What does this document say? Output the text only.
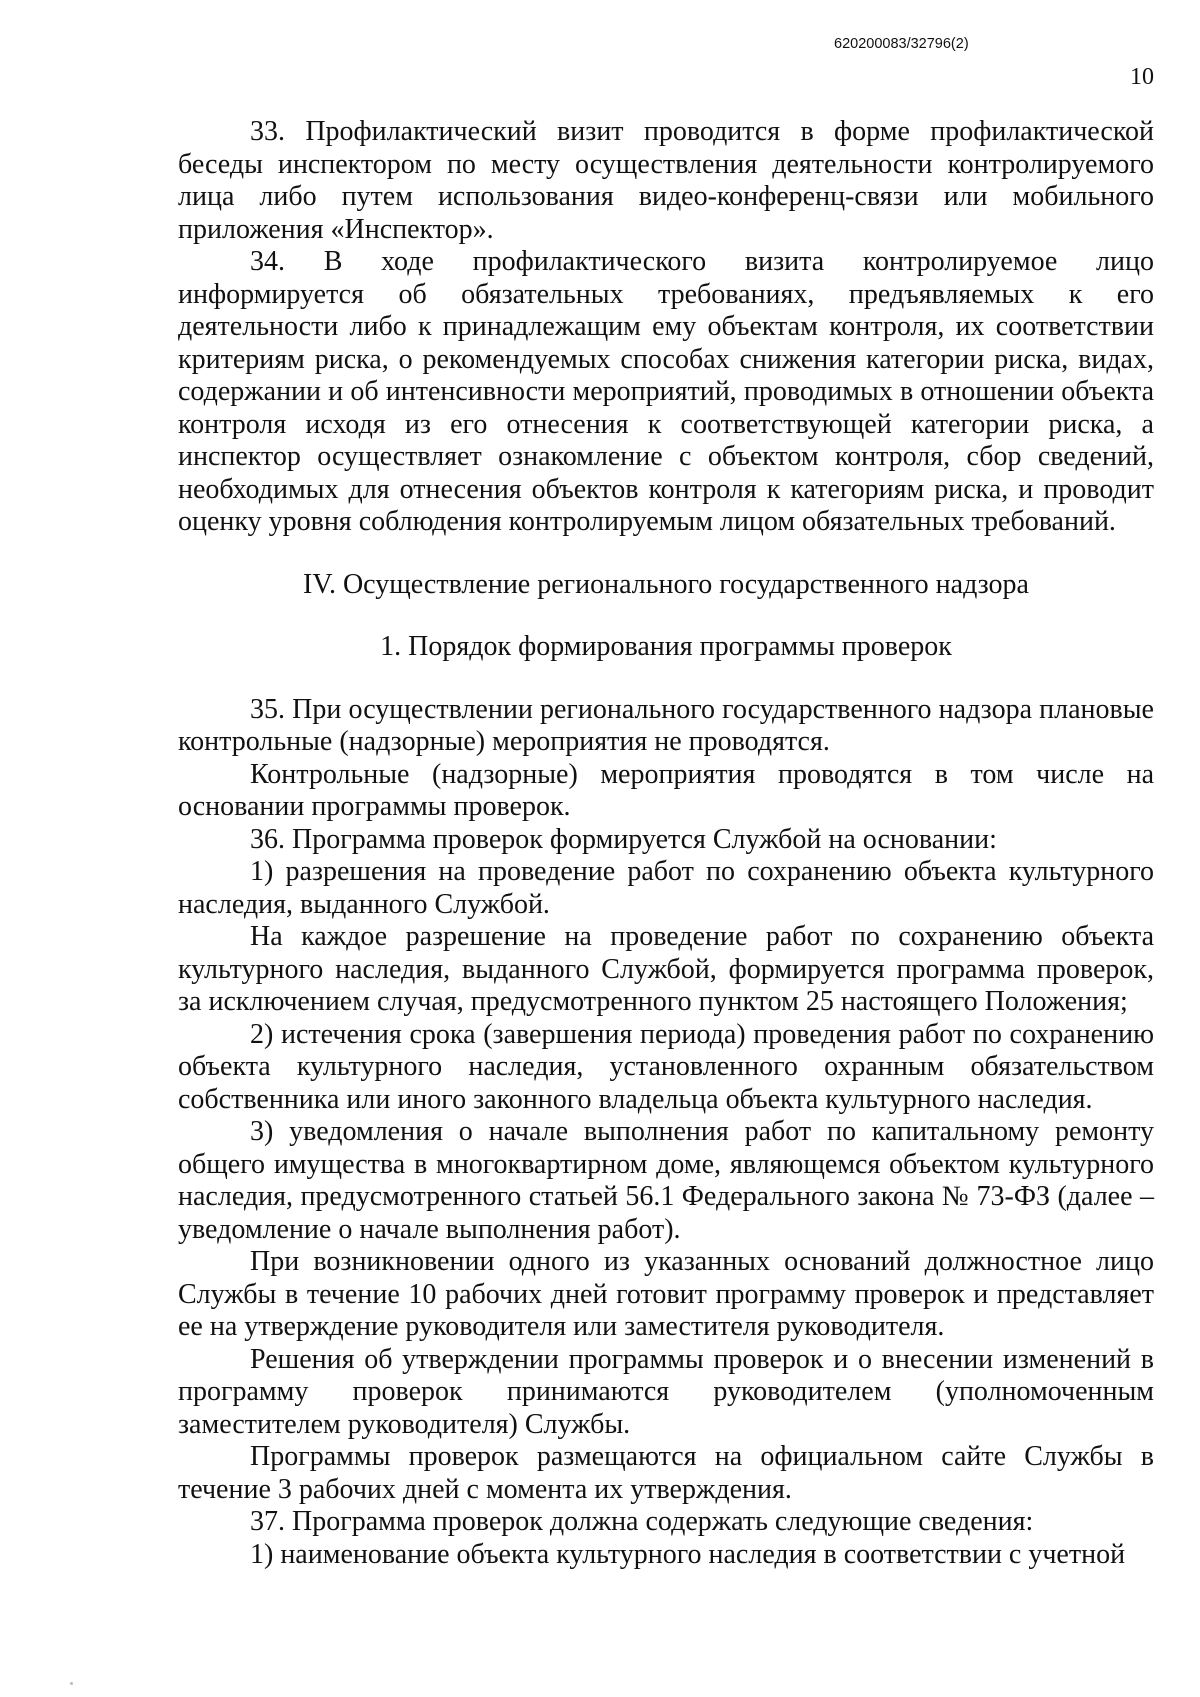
620200083/32796(2)
10

33. Профилактический визит проводится в форме профилактической беседы инспектором по месту осуществления деятельности контролируемого лица либо путем использования видео-конференц-связи или мобильного приложения «Инспектор».

34. В ходе профилактического визита контролируемое лицо информируется об обязательных требованиях, предъявляемых к его деятельности либо к принадлежащим ему объектам контроля, их соответствии критериям риска, о рекомендуемых способах снижения категории риска, видах, содержании и об интенсивности мероприятий, проводимых в отношении объекта контроля исходя из его отнесения к соответствующей категории риска, а инспектор осуществляет ознакомление с объектом контроля, сбор сведений, необходимых для отнесения объектов контроля к категориям риска, и проводит оценку уровня соблюдения контролируемым лицом обязательных требований.

IV. Осуществление регионального государственного надзора
1. Порядок формирования программы проверок

35. При осуществлении регионального государственного надзора плановые контрольные (надзорные) мероприятия не проводятся.

Контрольные (надзорные) мероприятия проводятся в том числе на основании программы проверок.

36. Программа проверок формируется Службой на основании:

1) разрешения на проведение работ по сохранению объекта культурного наследия, выданного Службой.

На каждое разрешение на проведение работ по сохранению объекта культурного наследия, выданного Службой, формируется программа проверок, за исключением случая, предусмотренного пунктом 25 настоящего Положения;

2) истечения срока (завершения периода) проведения работ по сохранению объекта культурного наследия, установленного охранным обязательством собственника или иного законного владельца объекта культурного наследия.

3) уведомления о начале выполнения работ по капитальному ремонту общего имущества в многоквартирном доме, являющемся объектом культурного наследия, предусмотренного статьей 56.1 Федерального закона № 73-ФЗ (далее – уведомление о начале выполнения работ).

При возникновении одного из указанных оснований должностное лицо Службы в течение 10 рабочих дней готовит программу проверок и представляет ее на утверждение руководителя или заместителя руководителя.

Решения об утверждении программы проверок и о внесении изменений в программу проверок принимаются руководителем (уполномоченным заместителем руководителя) Службы.

Программы проверок размещаются на официальном сайте Службы в течение 3 рабочих дней с момента их утверждения.

37. Программа проверок должна содержать следующие сведения:

1) наименование объекта культурного наследия в соответствии с учетной
